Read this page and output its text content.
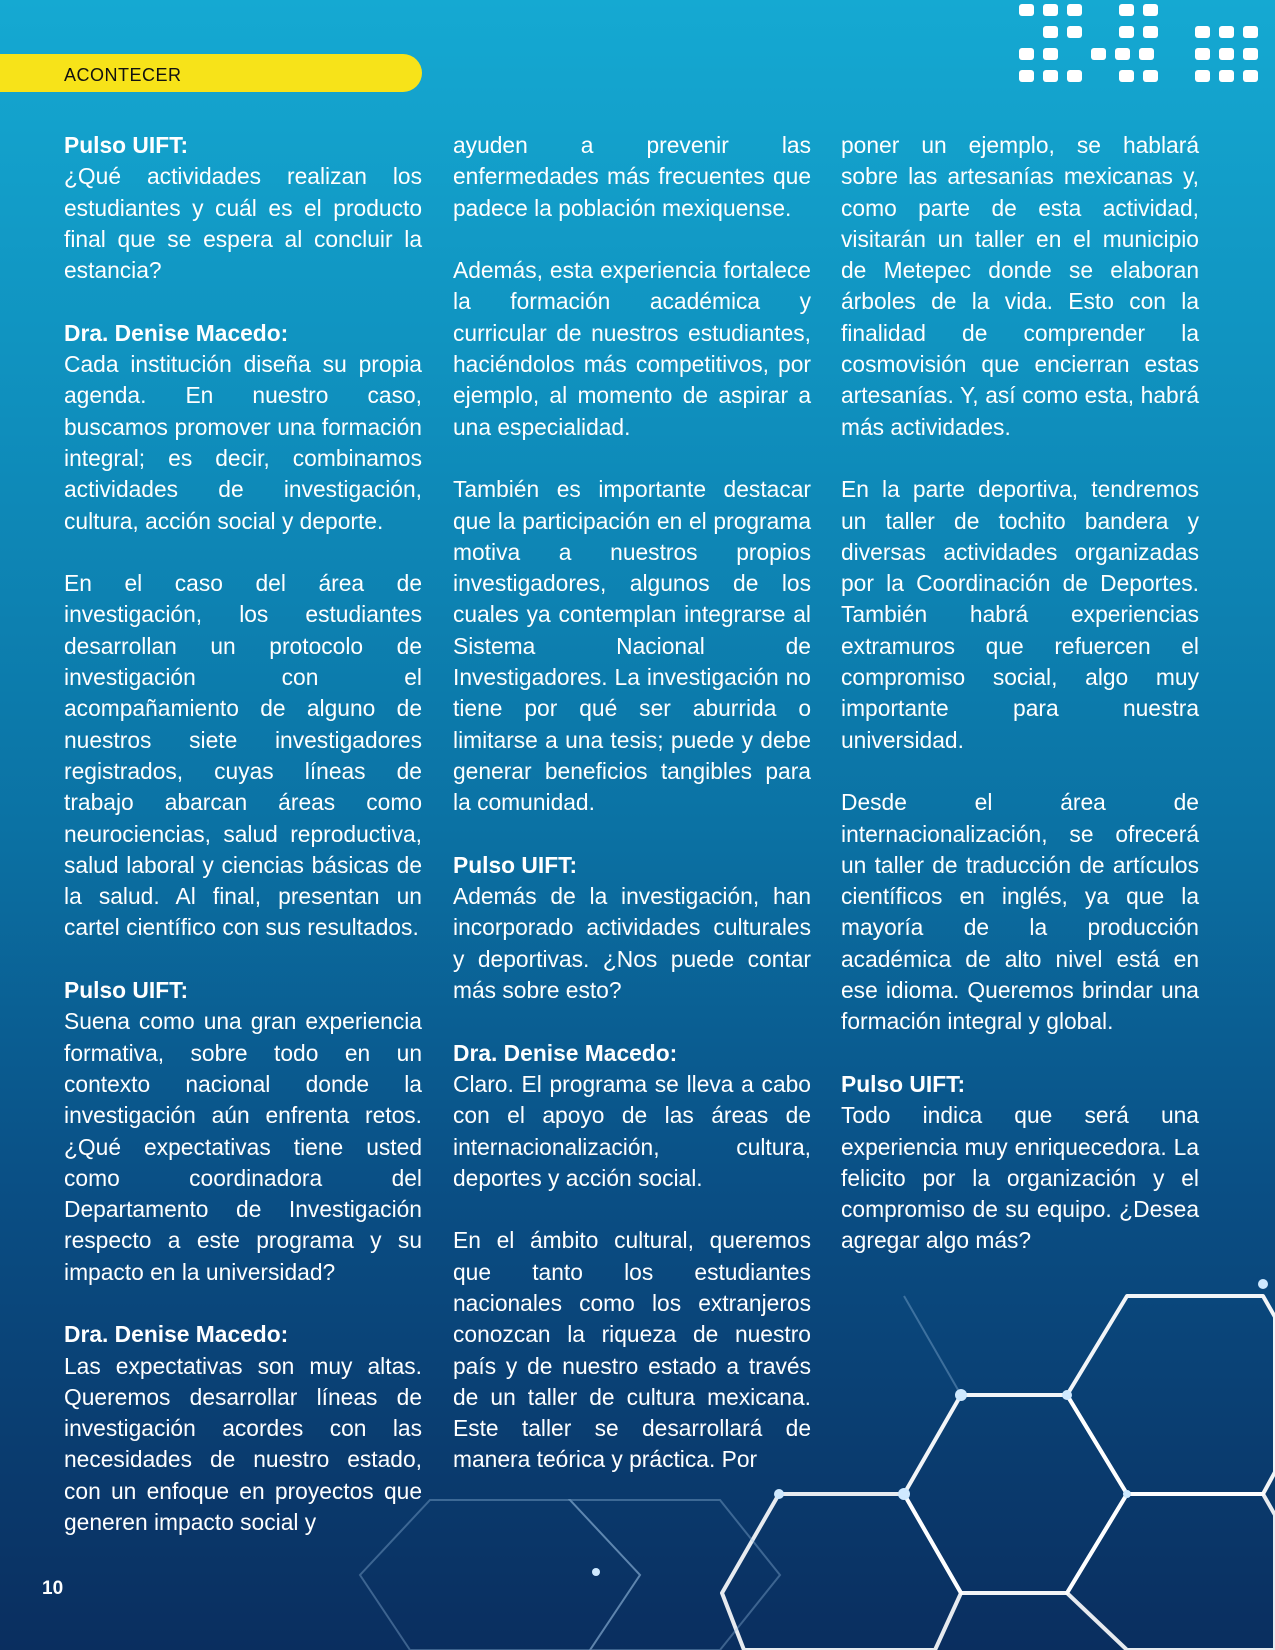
ACONTECER

Pulso UIFT:
¿Qué actividades realizan los estudiantes y cuál es el producto final que se espera al concluir la estancia?

Dra. Denise Macedo:
Cada institución diseña su propia agenda. En nuestro caso, buscamos promover una formación integral; es decir, combinamos actividades de investigación, cultura, acción social y deporte.

En el caso del área de investigación, los estudiantes desarrollan un protocolo de investigación con el acompañamiento de alguno de nuestros siete investigadores registrados, cuyas líneas de trabajo abarcan áreas como neurociencias, salud reproductiva, salud laboral y ciencias básicas de la salud. Al final, presentan un cartel científico con sus resultados.

Pulso UIFT:
Suena como una gran experiencia formativa, sobre todo en un contexto nacional donde la investigación aún enfrenta retos. ¿Qué expectativas tiene usted como coordinadora del Departamento de Investigación respecto a este programa y su impacto en la universidad?

Dra. Denise Macedo:
Las expectativas son muy altas. Queremos desarrollar líneas de investigación acordes con las necesidades de nuestro estado, con un enfoque en proyectos que generen impacto social y

ayuden a prevenir las enfermedades más frecuentes que padece la población mexiquense.

Además, esta experiencia fortalece la formación académica y curricular de nuestros estudiantes, haciéndolos más competitivos, por ejemplo, al momento de aspirar a una especialidad.

También es importante destacar que la participación en el programa motiva a nuestros propios investigadores, algunos de los cuales ya contemplan integrarse al Sistema Nacional de Investigadores. La investigación no tiene por qué ser aburrida o limitarse a una tesis; puede y debe generar beneficios tangibles para la comunidad.

Pulso UIFT:
Además de la investigación, han incorporado actividades culturales y deportivas. ¿Nos puede contar más sobre esto?

Dra. Denise Macedo:
Claro. El programa se lleva a cabo con el apoyo de las áreas de internacionalización, cultura, deportes y acción social.

En el ámbito cultural, queremos que tanto los estudiantes nacionales como los extranjeros conozcan la riqueza de nuestro país y de nuestro estado a través de un taller de cultura mexicana. Este taller se desarrollará de manera teórica y práctica. Por

poner un ejemplo, se hablará sobre las artesanías mexicanas y, como parte de esta actividad, visitarán un taller en el municipio de Metepec donde se elaboran árboles de la vida. Esto con la finalidad de comprender la cosmovisión que encierran estas artesanías. Y, así como esta, habrá más actividades.

En la parte deportiva, tendremos un taller de tochito bandera y diversas actividades organizadas por la Coordinación de Deportes. También habrá experiencias extramuros que refuercen el compromiso social, algo muy importante para nuestra universidad.

Desde el área de internacionalización, se ofrecerá un taller de traducción de artículos científicos en inglés, ya que la mayoría de la producción académica de alto nivel está en ese idioma. Queremos brindar una formación integral y global.

Pulso UIFT:
Todo indica que será una experiencia muy enriquecedora. La felicito por la organización y el compromiso de su equipo. ¿Desea agregar algo más?

10
